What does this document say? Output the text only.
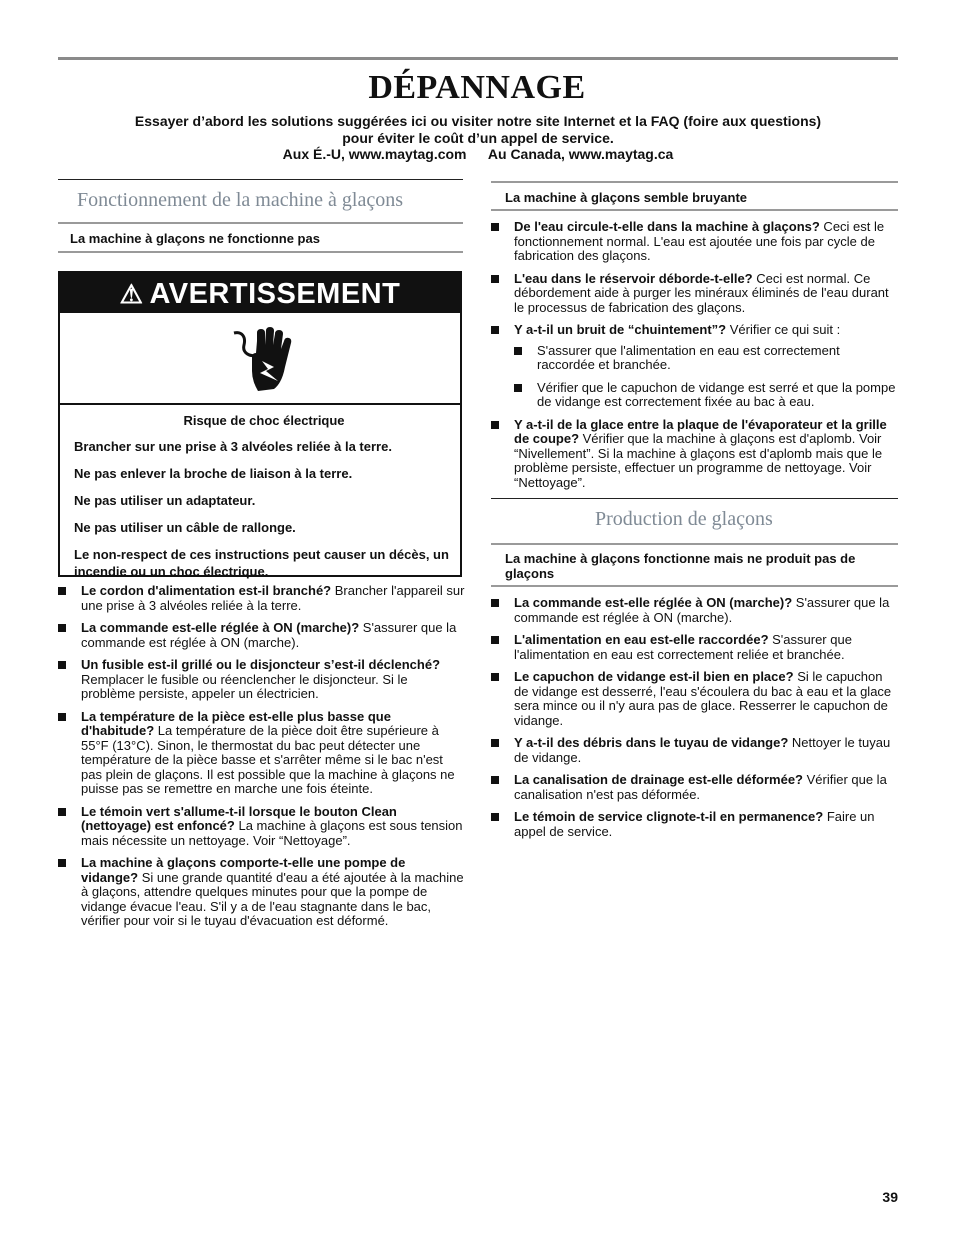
DÉPANNAGE
Essayer d’abord les solutions suggérées ici ou visiter notre site Internet et la FAQ (foire aux questions)
pour éviter le coût d’un appel de service.
Aux É.-U, www.maytag.com Au Canada, www.maytag.ca
Fonctionnement de la machine à glaçons
La machine à glaçons ne fonctionne pas
⚠ AVERTISSEMENT
Risque de choc électrique

Brancher sur une prise à 3 alvéoles reliée à la terre.

Ne pas enlever la broche de liaison à la terre.

Ne pas utiliser un adaptateur.

Ne pas utiliser un câble de rallonge.

Le non-respect de ces instructions peut causer un décès, un incendie ou un choc électrique.

Le cordon d'alimentation est-il branché? Brancher l'appareil sur une prise à 3 alvéoles reliée à la terre.
La commande est-elle réglée à ON (marche)? S'assurer que la commande est réglée à ON (marche).
Un fusible est-il grillé ou le disjoncteur s’est-il déclenché? Remplacer le fusible ou réenclencher le disjoncteur. Si le problème persiste, appeler un électricien.
La température de la pièce est-elle plus basse que d'habitude? La température de la pièce doit être supérieure à 55°F (13°C). Sinon, le thermostat du bac peut détecter une température de la pièce basse et s'arrêter même si le bac n'est pas plein de glaçons. Il est possible que la machine à glaçons ne puisse pas se remettre en marche une fois éteinte.
Le témoin vert s'allume-t-il lorsque le bouton Clean (nettoyage) est enfoncé? La machine à glaçons est sous tension mais nécessite un nettoyage. Voir “Nettoyage”.
La machine à glaçons comporte-t-elle une pompe de vidange? Si une grande quantité d'eau a été ajoutée à la machine à glaçons, attendre quelques minutes pour que la pompe de vidange évacue l'eau. S'il y a de l'eau stagnante dans le bac, vérifier pour voir si le tuyau d'évacuation est déformé.
La machine à glaçons semble bruyante
De l'eau circule-t-elle dans la machine à glaçons? Ceci est le fonctionnement normal. L'eau est ajoutée une fois par cycle de fabrication des glaçons.
L'eau dans le réservoir déborde-t-elle? Ceci est normal. Ce débordement aide à purger les minéraux éliminés de l'eau durant le processus de fabrication des glaçons.
Y a-t-il un bruit de “chuintement”? Vérifier ce qui suit :
S'assurer que l'alimentation en eau est correctement raccordée et branchée.
Vérifier que le capuchon de vidange est serré et que la pompe de vidange est correctement fixée au bac à eau.
Y a-t-il de la glace entre la plaque de l'évaporateur et la grille de coupe? Vérifier que la machine à glaçons est d'aplomb. Voir “Nivellement”. Si la machine à glaçons est d'aplomb mais que le problème persiste, effectuer un programme de nettoyage. Voir “Nettoyage”.
Production de glaçons
La machine à glaçons fonctionne mais ne produit pas de glaçons
La commande est-elle réglée à ON (marche)? S'assurer que la commande est réglée à ON (marche).
L'alimentation en eau est-elle raccordée? S'assurer que l'alimentation en eau est correctement reliée et branchée.
Le capuchon de vidange est-il bien en place? Si le capuchon de vidange est desserré, l'eau s'écoulera du bac à eau et la glace sera mince ou il n'y aura pas de glace. Resserrer le capuchon de vidange.
Y a-t-il des débris dans le tuyau de vidange? Nettoyer le tuyau de vidange.
La canalisation de drainage est-elle déformée? Vérifier que la canalisation n'est pas déformée.
Le témoin de service clignote-t-il en permanence? Faire un appel de service.
39
